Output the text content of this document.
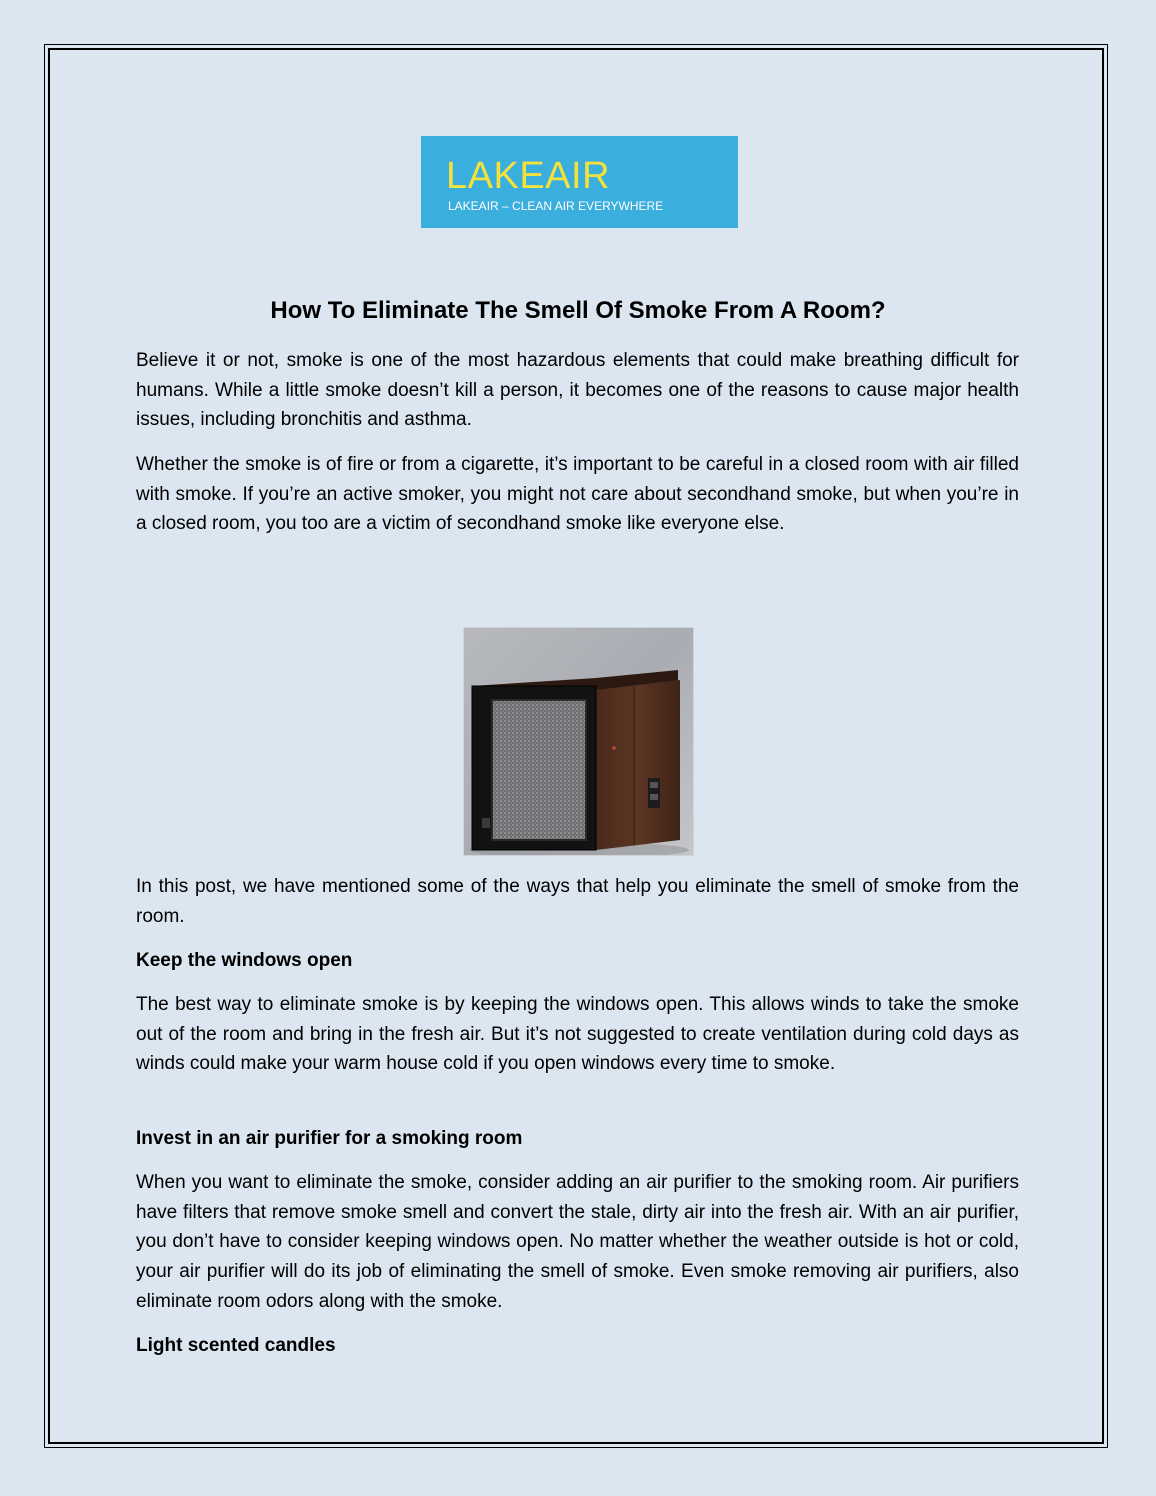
LAKEAIR
LAKEAIR – CLEAN AIR EVERYWHERE
How To Eliminate The Smell Of Smoke From A Room?

Believe it or not, smoke is one of the most hazardous elements that could make breathing difficult for humans. While a little smoke doesn’t kill a person, it becomes one of the reasons to cause major health issues, including bronchitis and asthma.

Whether the smoke is of fire or from a cigarette, it’s important to be careful in a closed room with air filled with smoke. If you’re an active smoker, you might not care about secondhand smoke, but when you’re in a closed room, you too are a victim of secondhand smoke like everyone else.

In this post, we have mentioned some of the ways that help you eliminate the smell of smoke from the room.

Keep the windows open

The best way to eliminate smoke is by keeping the windows open. This allows winds to take the smoke out of the room and bring in the fresh air. But it’s not suggested to create ventilation during cold days as winds could make your warm house cold if you open windows every time to smoke.

Invest in an air purifier for a smoking room

When you want to eliminate the smoke, consider adding an air purifier to the smoking room. Air purifiers have filters that remove smoke smell and convert the stale, dirty air into the fresh air. With an air purifier, you don’t have to consider keeping windows open. No matter whether the weather outside is hot or cold, your air purifier will do its job of eliminating the smell of smoke. Even smoke removing air purifiers, also eliminate room odors along with the smoke.

Light scented candles
